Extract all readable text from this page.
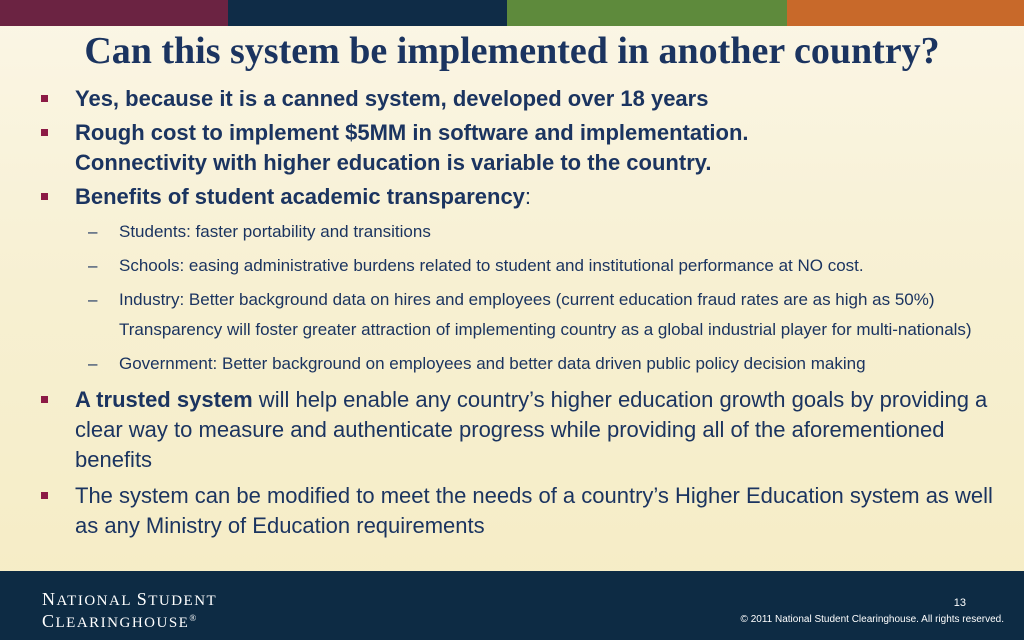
Can this system be implemented in another country?
Yes, because it is a canned system, developed over 18 years
Rough cost to implement $5MM in software and implementation.
Connectivity with higher education is variable to the country.
Benefits of student academic transparency:
– Students: faster portability and transitions
– Schools: easing administrative burdens related to student and institutional performance at NO cost.
– Industry: Better background data on hires and employees (current education fraud rates are as high as 50%) Transparency will foster greater attraction of implementing country as a global industrial player for multi-nationals)
– Government: Better background on employees and better data driven public policy decision making
A trusted system will help enable any country’s higher education growth goals by providing a clear way to measure and authenticate progress while providing all of the aforementioned benefits
The system can be modified to meet the needs of a country’s Higher Education system as well as any Ministry of Education requirements
NATIONAL STUDENT
CLEARINGHOUSE®
13
© 2011 National Student Clearinghouse. All rights reserved.
